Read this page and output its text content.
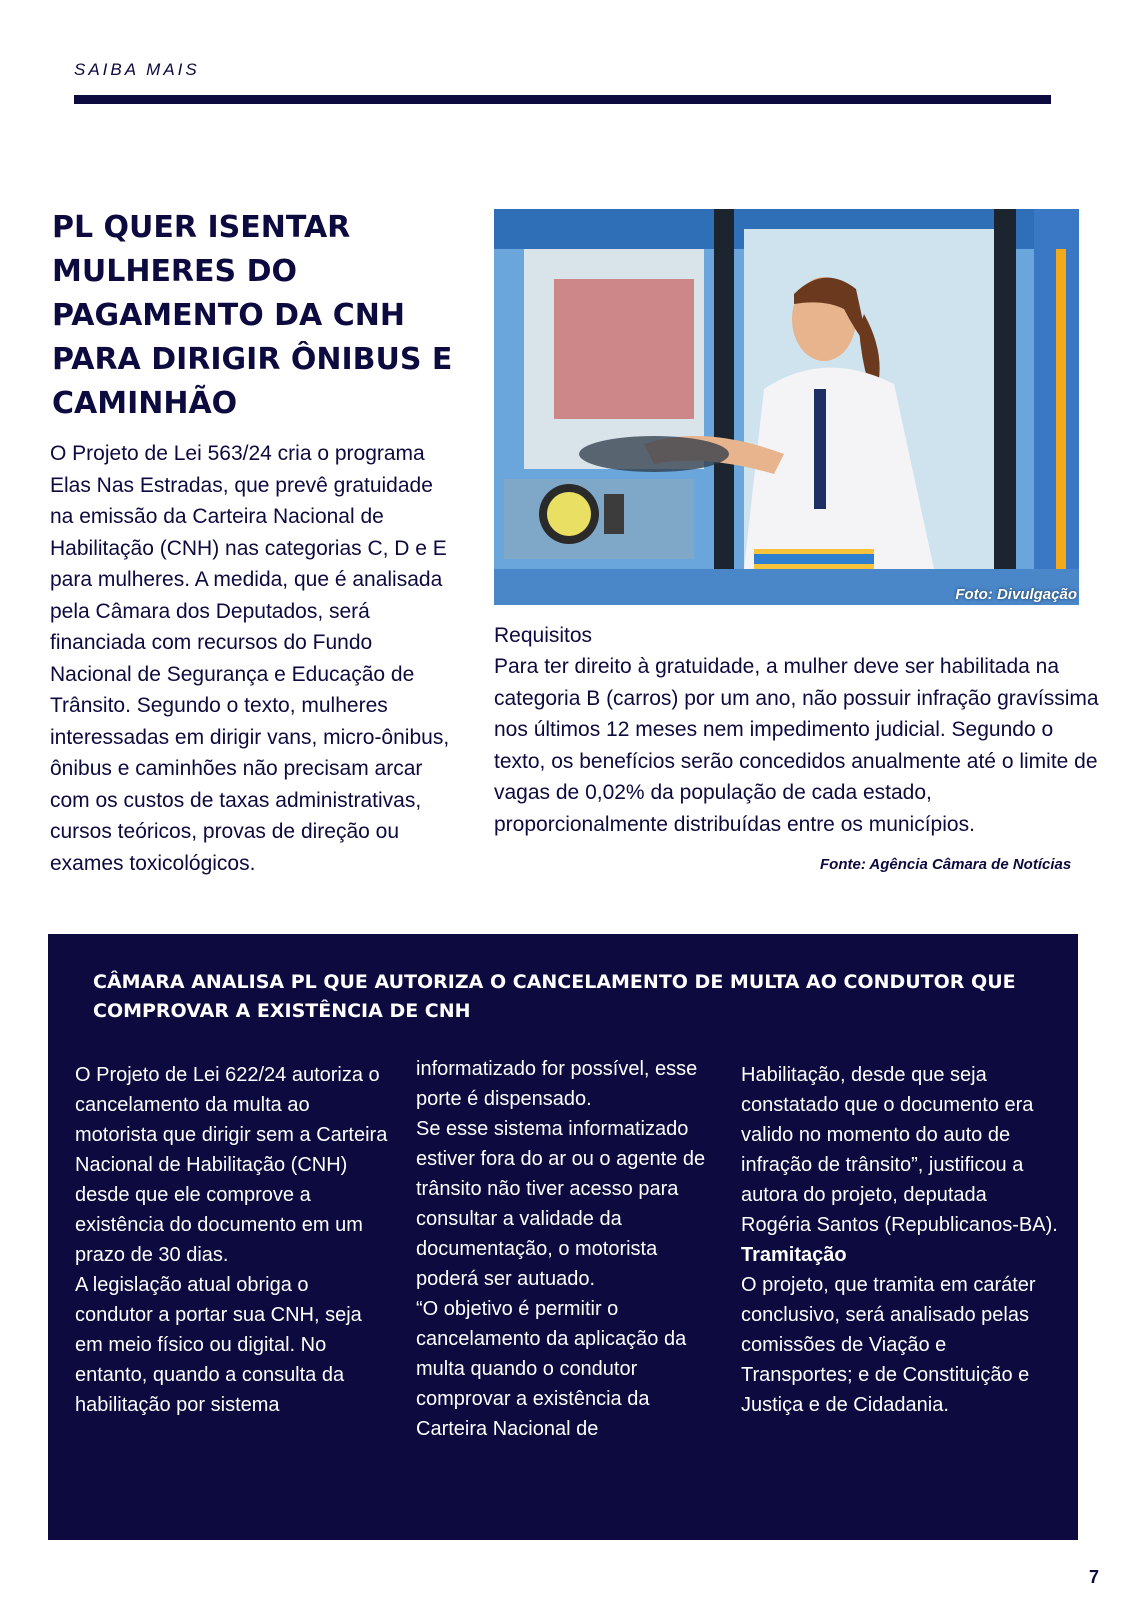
SAIBA MAIS
PL QUER ISENTAR MULHERES DO PAGAMENTO DA CNH PARA DIRIGIR ÔNIBUS E CAMINHÃO

O Projeto de Lei 563/24 cria o programa Elas Nas Estradas, que prevê gratuidade na emissão da Carteira Nacional de Habilitação (CNH) nas categorias C, D e E para mulheres. A medida, que é analisada pela Câmara dos Deputados, será financiada com recursos do Fundo Nacional de Segurança e Educação de Trânsito. Segundo o texto, mulheres interessadas em dirigir vans, micro-ônibus, ônibus e caminhões não precisam arcar com os custos de taxas administrativas, cursos teóricos, provas de direção ou exames toxicológicos.

Foto: Divulgação
Requisitos

Para ter direito à gratuidade, a mulher deve ser habilitada na categoria B (carros) por um ano, não possuir infração gravíssima nos últimos 12 meses nem impedimento judicial. Segundo o texto, os benefícios serão concedidos anualmente até o limite de vagas de 0,02% da população de cada estado, proporcionalmente distribuídas entre os municípios.

Fonte: Agência Câmara de Notícias
CÂMARA ANALISA PL QUE AUTORIZA O CANCELAMENTO DE MULTA AO CONDUTOR QUE COMPROVAR A EXISTÊNCIA DE CNH

O Projeto de Lei 622/24 autoriza o cancelamento da multa ao motorista que dirigir sem a Carteira Nacional de Habilitação (CNH) desde que ele comprove a existência do documento em um prazo de 30 dias.
A legislação atual obriga o condutor a portar sua CNH, seja em meio físico ou digital. No entanto, quando a consulta da habilitação por sistema

informatizado for possível, esse porte é dispensado.
Se esse sistema informatizado estiver fora do ar ou o agente de trânsito não tiver acesso para consultar a validade da documentação, o motorista poderá ser autuado.
“O objetivo é permitir o cancelamento da aplicação da multa quando o condutor comprovar a existência da Carteira Nacional de

Habilitação, desde que seja constatado que o documento era valido no momento do auto de infração de trânsito”, justificou a autora do projeto, deputada Rogéria Santos (Republicanos-BA).
Tramitação
O projeto, que tramita em caráter conclusivo, será analisado pelas comissões de Viação e Transportes; e de Constituição e Justiça e de Cidadania.
7
